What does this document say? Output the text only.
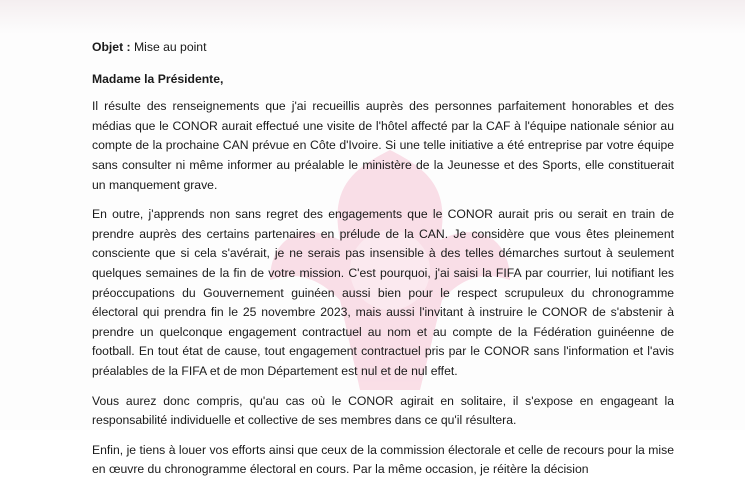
Objet : Mise au point
Madame la Présidente,

Il résulte des renseignements que j'ai recueillis auprès des personnes parfaitement honorables et des médias que le CONOR aurait effectué une visite de l'hôtel affecté par la CAF à l'équipe nationale sénior au compte de la prochaine CAN prévue en Côte d'Ivoire. Si une telle initiative a été entreprise par votre équipe sans consulter ni même informer au préalable le ministère de la Jeunesse et des Sports, elle constituerait un manquement grave.

En outre, j'apprends non sans regret des engagements que le CONOR aurait pris ou serait en train de prendre auprès des certains partenaires en prélude de la CAN. Je considère que vous êtes pleinement consciente que si cela s'avérait, je ne serais pas insensible à des telles démarches surtout à seulement quelques semaines de la fin de votre mission. C'est pourquoi, j'ai saisi la FIFA par courrier, lui notifiant les préoccupations du Gouvernement guinéen aussi bien pour le respect scrupuleux du chronogramme électoral qui prendra fin le 25 novembre 2023, mais aussi l'invitant à instruire le CONOR de s'abstenir à prendre un quelconque engagement contractuel au nom et au compte de la Fédération guinéenne de football. En tout état de cause, tout engagement contractuel pris par le CONOR sans l'information et l'avis préalables de la FIFA et de mon Département est nul et de nul effet.

Vous aurez donc compris, qu'au cas où le CONOR agirait en solitaire, il s'expose en engageant la responsabilité individuelle et collective de ses membres dans ce qu'il résultera.

Enfin, je tiens à louer vos efforts ainsi que ceux de la commission électorale et celle de recours pour la mise en œuvre du chronogramme électoral en cours. Par la même occasion, je réitère la décision
